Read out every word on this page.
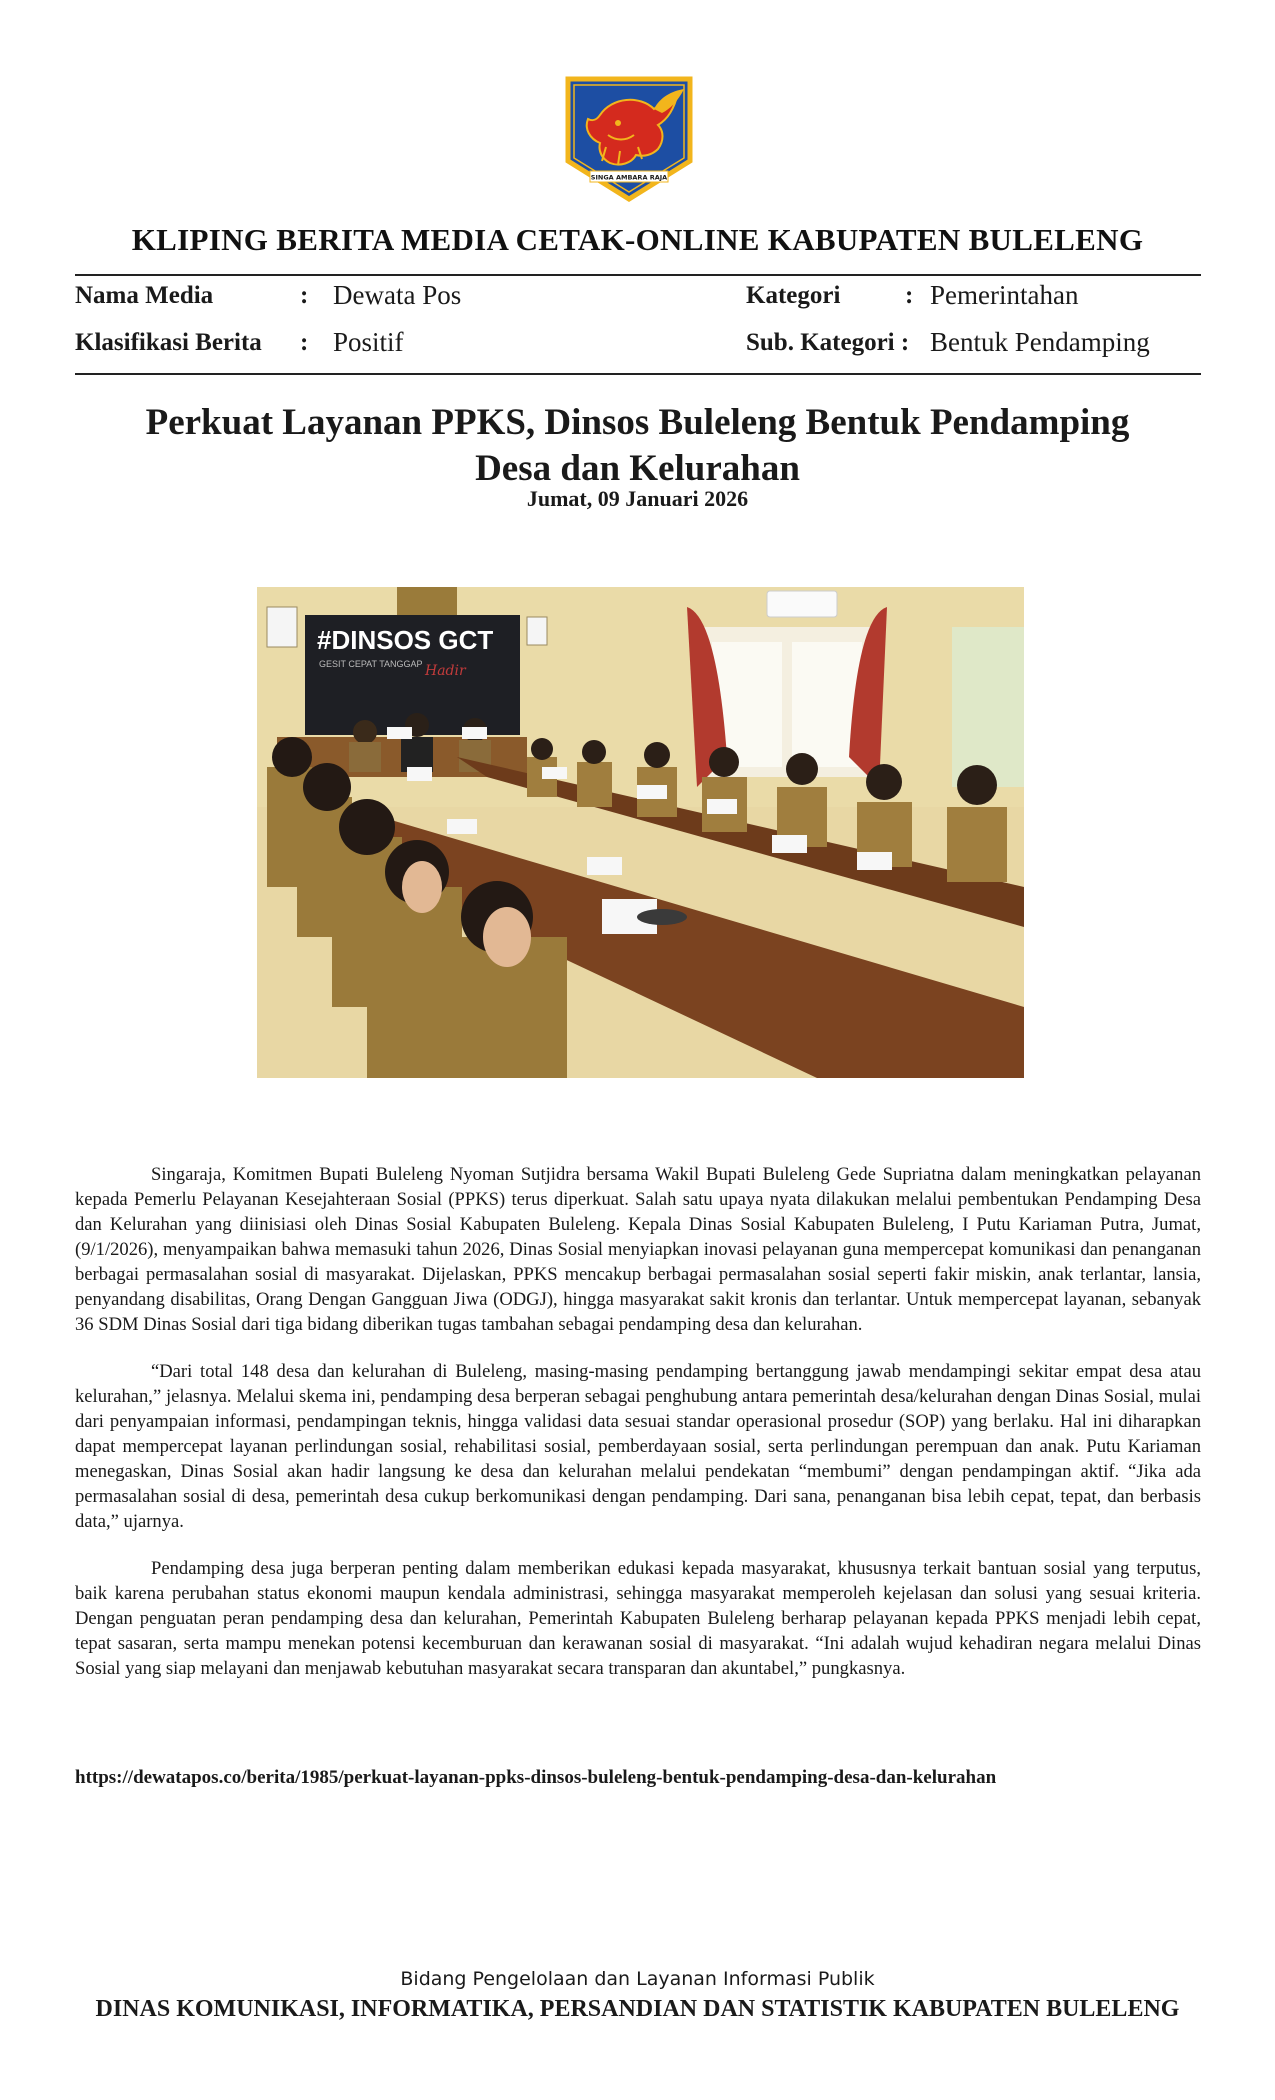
SINGA AMBARA RAJA
KLIPING BERITA MEDIA CETAK-ONLINE KABUPATEN BULELENG
Nama Media	: Dewata Pos	Kategori	: Pemerintahan
Klasifikasi Berita : Positif	Sub. Kategori : Bentuk Pendamping
Perkuat Layanan PPKS, Dinsos Buleleng Bentuk Pendamping
Desa dan Kelurahan
Jumat, 09 Januari 2026
#DINSOS GCT
GESIT CEPAT TANGGAP Hadir

Singaraja, Komitmen Bupati Buleleng Nyoman Sutjidra bersama Wakil Bupati Buleleng Gede Supriatna dalam meningkatkan pelayanan kepada Pemerlu Pelayanan Kesejahteraan Sosial (PPKS) terus diperkuat. Salah satu upaya nyata dilakukan melalui pembentukan Pendamping Desa dan Kelurahan yang diinisiasi oleh Dinas Sosial Kabupaten Buleleng. Kepala Dinas Sosial Kabupaten Buleleng, I Putu Kariaman Putra, Jumat, (9/1/2026), menyampaikan bahwa memasuki tahun 2026, Dinas Sosial menyiapkan inovasi pelayanan guna mempercepat komunikasi dan penanganan berbagai permasalahan sosial di masyarakat. Dijelaskan, PPKS mencakup berbagai permasalahan sosial seperti fakir miskin, anak terlantar, lansia, penyandang disabilitas, Orang Dengan Gangguan Jiwa (ODGJ), hingga masyarakat sakit kronis dan terlantar. Untuk mempercepat layanan, sebanyak 36 SDM Dinas Sosial dari tiga bidang diberikan tugas tambahan sebagai pendamping desa dan kelurahan.

“Dari total 148 desa dan kelurahan di Buleleng, masing-masing pendamping bertanggung jawab mendampingi sekitar empat desa atau kelurahan,” jelasnya. Melalui skema ini, pendamping desa berperan sebagai penghubung antara pemerintah desa/kelurahan dengan Dinas Sosial, mulai dari penyampaian informasi, pendampingan teknis, hingga validasi data sesuai standar operasional prosedur (SOP) yang berlaku. Hal ini diharapkan dapat mempercepat layanan perlindungan sosial, rehabilitasi sosial, pemberdayaan sosial, serta perlindungan perempuan dan anak. Putu Kariaman menegaskan, Dinas Sosial akan hadir langsung ke desa dan kelurahan melalui pendekatan “membumi” dengan pendampingan aktif. “Jika ada permasalahan sosial di desa, pemerintah desa cukup berkomunikasi dengan pendamping. Dari sana, penanganan bisa lebih cepat, tepat, dan berbasis data,” ujarnya.

Pendamping desa juga berperan penting dalam memberikan edukasi kepada masyarakat, khususnya terkait bantuan sosial yang terputus, baik karena perubahan status ekonomi maupun kendala administrasi, sehingga masyarakat memperoleh kejelasan dan solusi yang sesuai kriteria. Dengan penguatan peran pendamping desa dan kelurahan, Pemerintah Kabupaten Buleleng berharap pelayanan kepada PPKS menjadi lebih cepat, tepat sasaran, serta mampu menekan potensi kecemburuan dan kerawanan sosial di masyarakat. “Ini adalah wujud kehadiran negara melalui Dinas Sosial yang siap melayani dan menjawab kebutuhan masyarakat secara transparan dan akuntabel,” pungkasnya.

https://dewatapos.co/berita/1985/perkuat-layanan-ppks-dinsos-buleleng-bentuk-pendamping-desa-dan-kelurahan
Bidang Pengelolaan dan Layanan Informasi Publik
DINAS KOMUNIKASI, INFORMATIKA, PERSANDIAN DAN STATISTIK KABUPATEN BULELENG
